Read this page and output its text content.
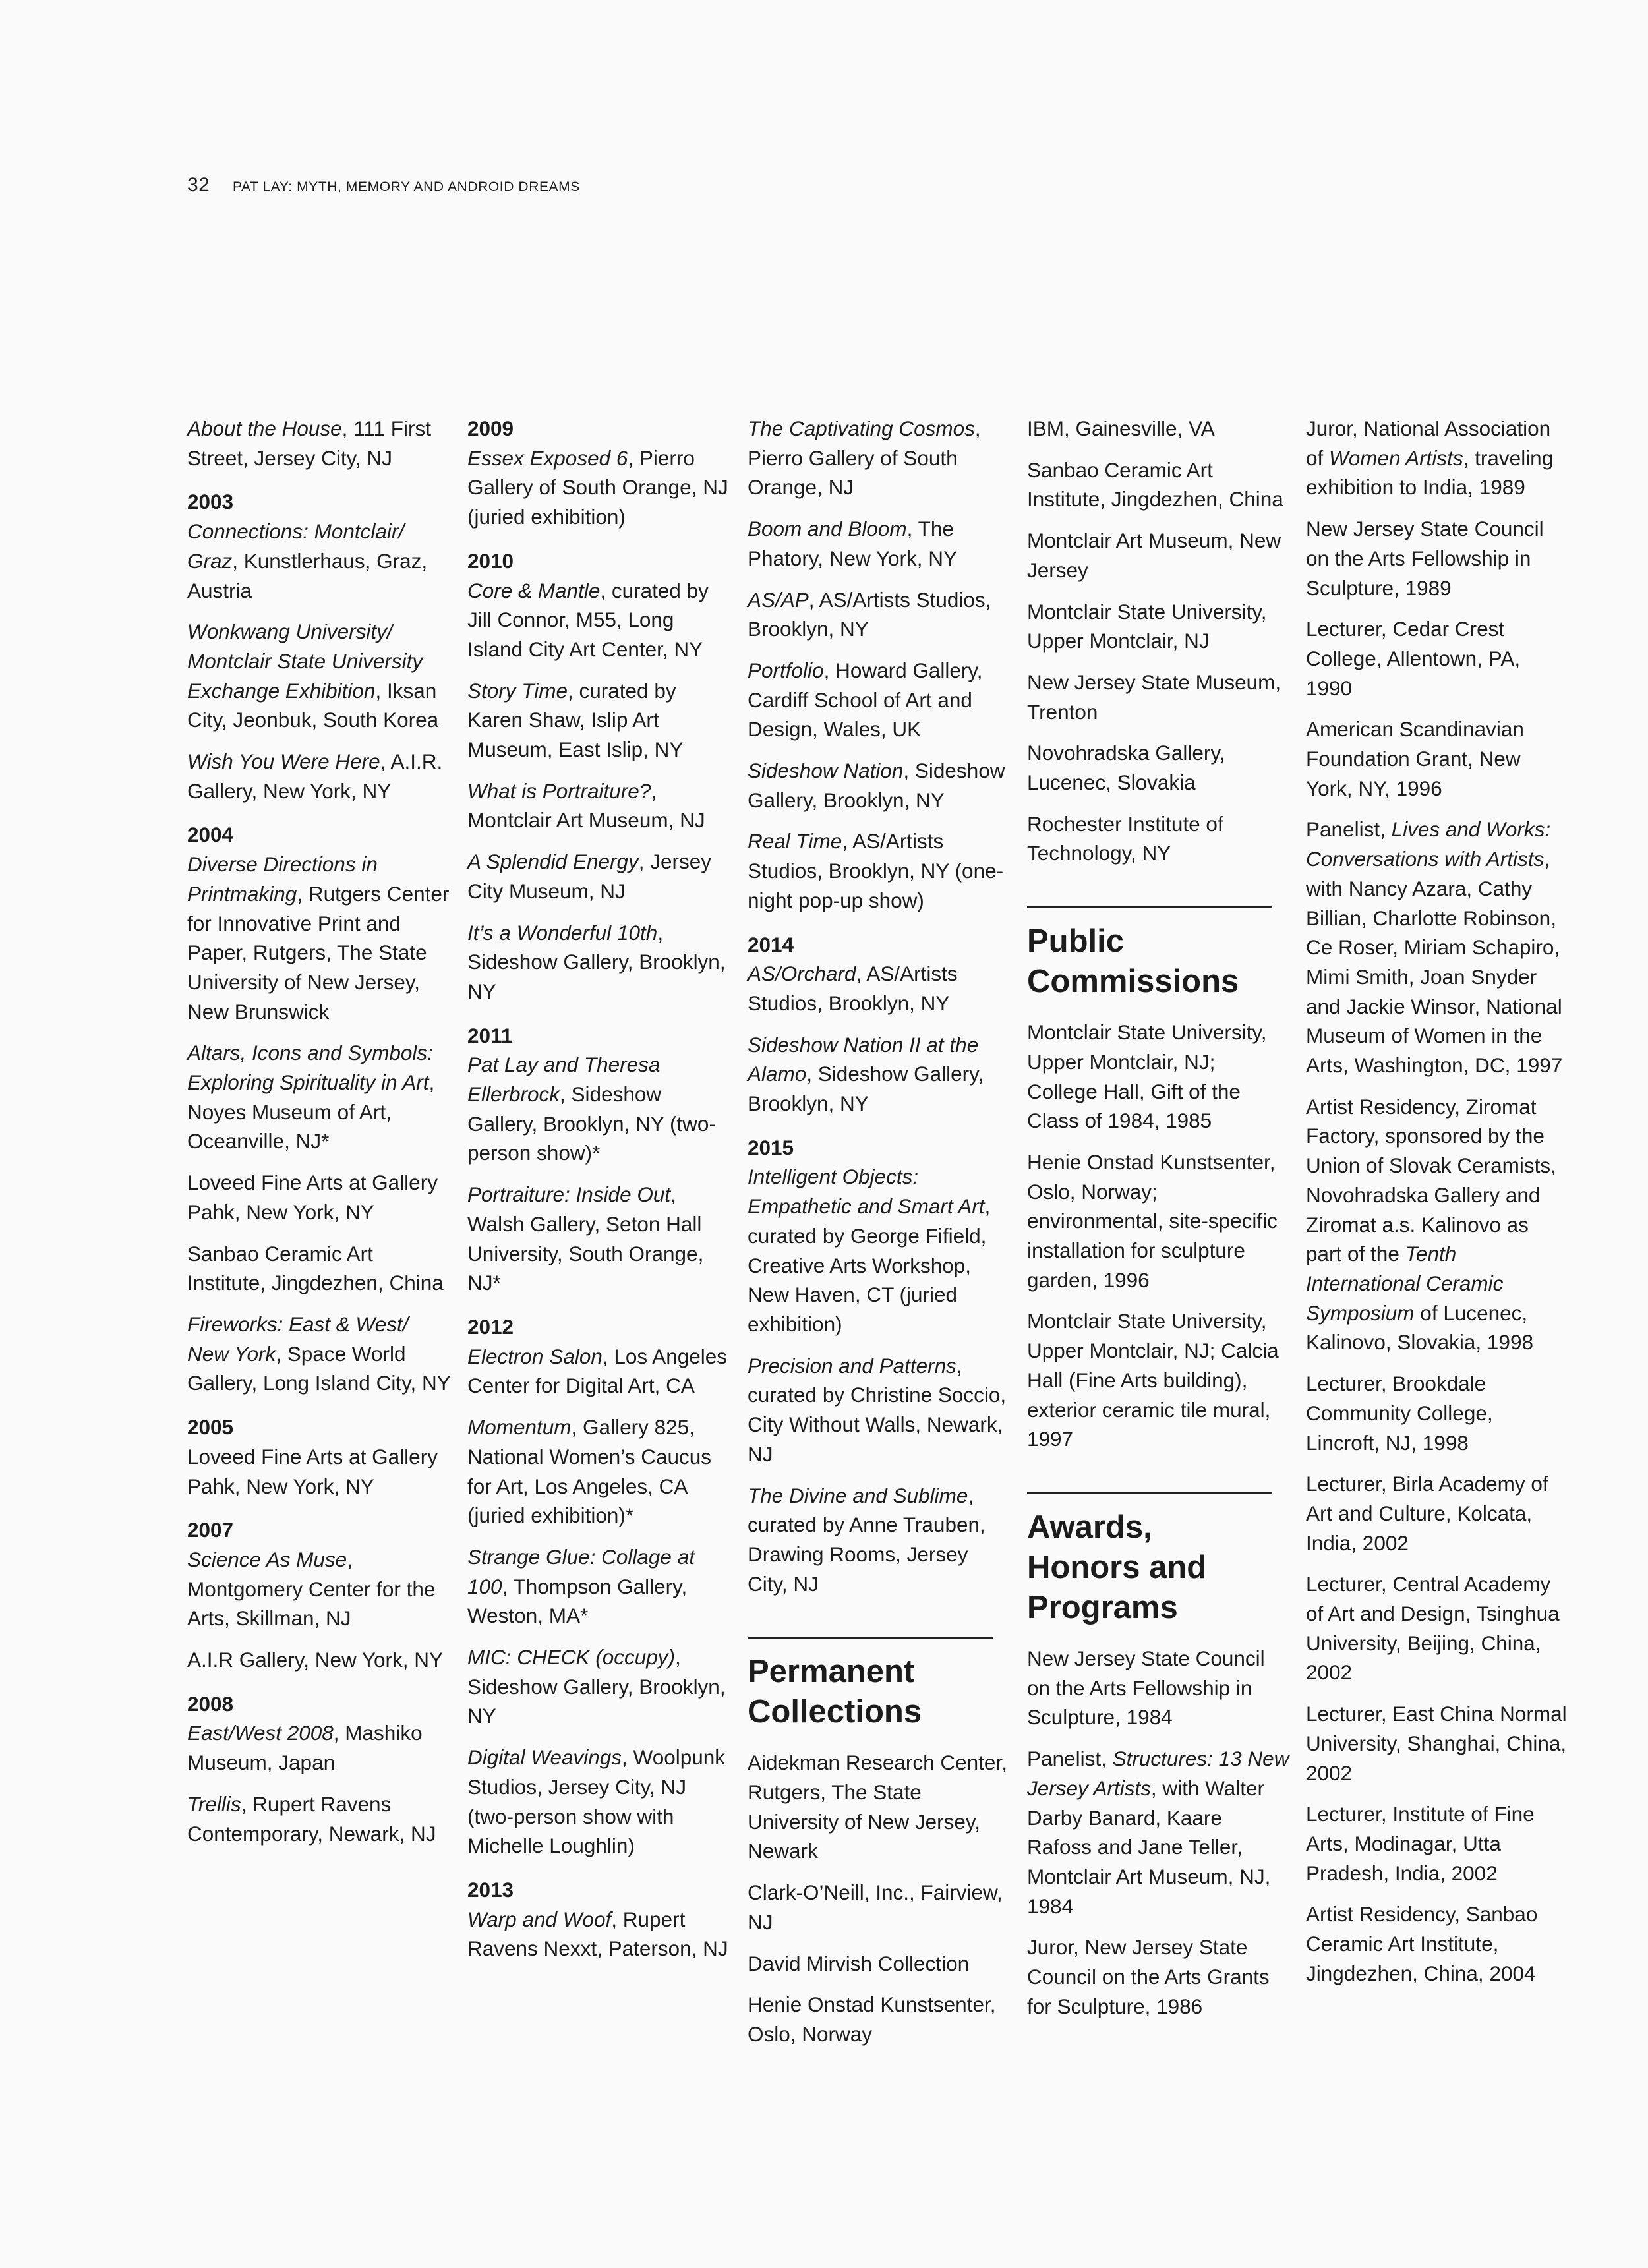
32 PAT LAY: MYTH, MEMORY AND ANDROID DREAMS
About the House, 111 First Street, Jersey City, NJ
2003
Connections: Montclair/ Graz, Kunstlerhaus, Graz, Austria
Wonkwang University/ Montclair State University Exchange Exhibition, Iksan City, Jeonbuk, South Korea
Wish You Were Here, A.I.R. Gallery, New York, NY
2004
Diverse Directions in Printmaking, Rutgers Center for Innovative Print and Paper, Rutgers, The State University of New Jersey, New Brunswick
Altars, Icons and Symbols: Exploring Spirituality in Art, Noyes Museum of Art, Oceanville, NJ*
Loveed Fine Arts at Gallery Pahk, New York, NY
Sanbao Ceramic Art Institute, Jingdezhen, China
Fireworks: East & West/ New York, Space World Gallery, Long Island City, NY
2005
Loveed Fine Arts at Gallery Pahk, New York, NY
2007
Science As Muse, Montgomery Center for the Arts, Skillman, NJ
A.I.R Gallery, New York, NY
2008
East/West 2008, Mashiko Museum, Japan
Trellis, Rupert Ravens Contemporary, Newark, NJ
2009
Essex Exposed 6, Pierro Gallery of South Orange, NJ (juried exhibition)
2010
Core & Mantle, curated by Jill Connor, M55, Long Island City Art Center, NY
Story Time, curated by Karen Shaw, Islip Art Museum, East Islip, NY
What is Portraiture?, Montclair Art Museum, NJ
A Splendid Energy, Jersey City Museum, NJ
It’s a Wonderful 10th, Sideshow Gallery, Brooklyn, NY
2011
Pat Lay and Theresa Ellerbrock, Sideshow Gallery, Brooklyn, NY (two-person show)*
Portraiture: Inside Out, Walsh Gallery, Seton Hall University, South Orange, NJ*
2012
Electron Salon, Los Angeles Center for Digital Art, CA
Momentum, Gallery 825, National Women’s Caucus for Art, Los Angeles, CA (juried exhibition)*
Strange Glue: Collage at 100, Thompson Gallery, Weston, MA*
MIC: CHECK (occupy), Sideshow Gallery, Brooklyn, NY
Digital Weavings, Woolpunk Studios, Jersey City, NJ (two-person show with Michelle Loughlin)
2013
Warp and Woof, Rupert Ravens Nexxt, Paterson, NJ
The Captivating Cosmos, Pierro Gallery of South Orange, NJ
Boom and Bloom, The Phatory, New York, NY
AS/AP, AS/Artists Studios, Brooklyn, NY
Portfolio, Howard Gallery, Cardiff School of Art and Design, Wales, UK
Sideshow Nation, Sideshow Gallery, Brooklyn, NY
Real Time, AS/Artists Studios, Brooklyn, NY (one-night pop-up show)
2014
AS/Orchard, AS/Artists Studios, Brooklyn, NY
Sideshow Nation II at the Alamo, Sideshow Gallery, Brooklyn, NY
2015
Intelligent Objects: Empathetic and Smart Art, curated by George Fifield, Creative Arts Workshop, New Haven, CT (juried exhibition)
Precision and Patterns, curated by Christine Soccio, City Without Walls, Newark, NJ
The Divine and Sublime, curated by Anne Trauben, Drawing Rooms, Jersey City, NJ
Permanent Collections
Aidekman Research Center, Rutgers, The State University of New Jersey, Newark
Clark-O’Neill, Inc., Fairview, NJ
David Mirvish Collection
Henie Onstad Kunstsenter, Oslo, Norway
IBM, Gainesville, VA
Sanbao Ceramic Art Institute, Jingdezhen, China
Montclair Art Museum, New Jersey
Montclair State University, Upper Montclair, NJ
New Jersey State Museum, Trenton
Novohradska Gallery, Lucenec, Slovakia
Rochester Institute of Technology, NY
Public Commissions
Montclair State University, Upper Montclair, NJ; College Hall, Gift of the Class of 1984, 1985
Henie Onstad Kunstsenter, Oslo, Norway; environmental, site-specific installation for sculpture garden, 1996
Montclair State University, Upper Montclair, NJ; Calcia Hall (Fine Arts building), exterior ceramic tile mural, 1997
Awards, Honors and Programs
New Jersey State Council on the Arts Fellowship in Sculpture, 1984
Panelist, Structures: 13 New Jersey Artists, with Walter Darby Banard, Kaare Rafoss and Jane Teller, Montclair Art Museum, NJ, 1984
Juror, New Jersey State Council on the Arts Grants for Sculpture, 1986
Juror, National Association of Women Artists, traveling exhibition to India, 1989
New Jersey State Council on the Arts Fellowship in Sculpture, 1989
Lecturer, Cedar Crest College, Allentown, PA, 1990
American Scandinavian Foundation Grant, New York, NY, 1996
Panelist, Lives and Works: Conversations with Artists, with Nancy Azara, Cathy Billian, Charlotte Robinson, Ce Roser, Miriam Schapiro, Mimi Smith, Joan Snyder and Jackie Winsor, National Museum of Women in the Arts, Washington, DC, 1997
Artist Residency, Ziromat Factory, sponsored by the Union of Slovak Ceramists, Novohradska Gallery and Ziromat a.s. Kalinovo as part of the Tenth International Ceramic Symposium of Lucenec, Kalinovo, Slovakia, 1998
Lecturer, Brookdale Community College, Lincroft, NJ, 1998
Lecturer, Birla Academy of Art and Culture, Kolcata, India, 2002
Lecturer, Central Academy of Art and Design, Tsinghua University, Beijing, China, 2002
Lecturer, East China Normal University, Shanghai, China, 2002
Lecturer, Institute of Fine Arts, Modinagar, Utta Pradesh, India, 2002
Artist Residency, Sanbao Ceramic Art Institute, Jingdezhen, China, 2004
